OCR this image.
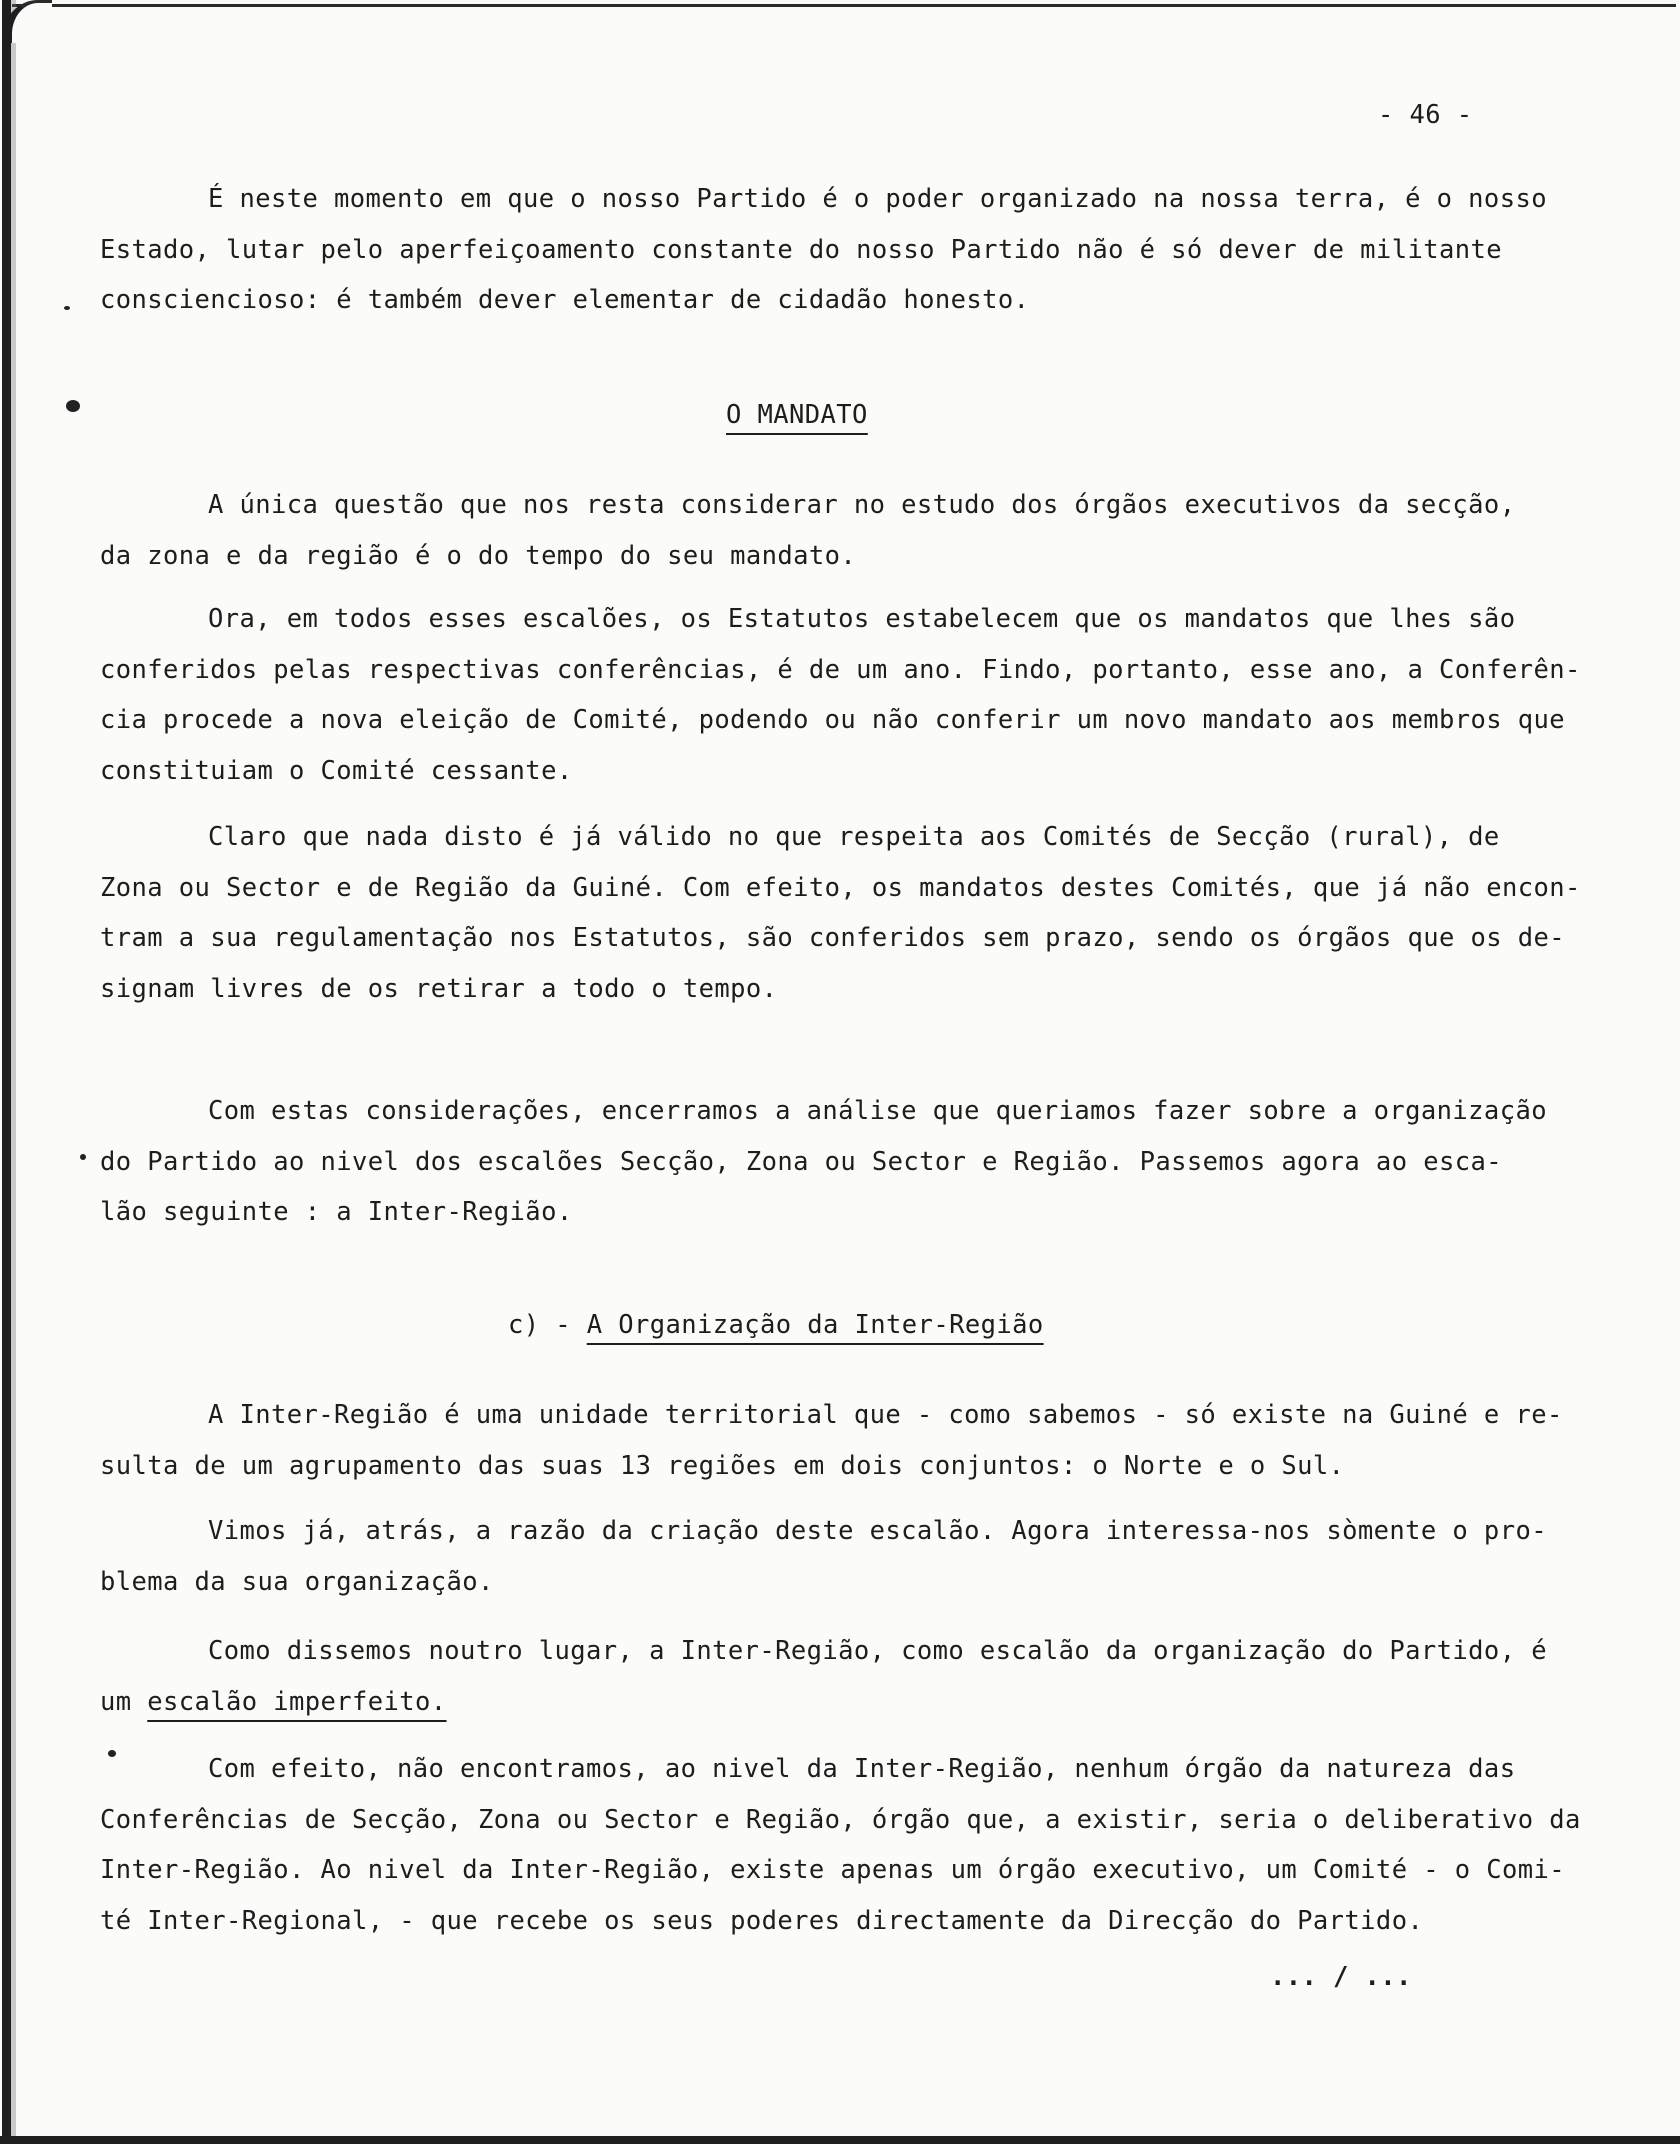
- 46 -
É neste momento em que o nosso Partido é o poder organizado na nossa terra, é o nosso
Estado, lutar pelo aperfeiçoamento constante do nosso Partido não é só dever de militante
consciencioso: é também dever elementar de cidadão honesto.
O MANDATO
A única questão que nos resta considerar no estudo dos órgãos executivos da secção,
da zona e da região é o do tempo do seu mandato.
Ora, em todos esses escalões, os Estatutos estabelecem que os mandatos que lhes são
conferidos pelas respectivas conferências, é de um ano. Findo, portanto, esse ano, a Conferên-
cia procede a nova eleição de Comité, podendo ou não conferir um novo mandato aos membros que
constituiam o Comité cessante.
Claro que nada disto é já válido no que respeita aos Comités de Secção (rural), de
Zona ou Sector e de Região da Guiné. Com efeito, os mandatos destes Comités, que já não encon-
tram a sua regulamentação nos Estatutos, são conferidos sem prazo, sendo os órgãos que os de-
signam livres de os retirar a todo o tempo.
Com estas considerações, encerramos a análise que queriamos fazer sobre a organização
do Partido ao nivel dos escalões Secção, Zona ou Sector e Região. Passemos agora ao esca-
lão seguinte : a Inter-Região.
c) - A Organização da Inter-Região
A Inter-Região é uma unidade territorial que - como sabemos - só existe na Guiné e re-
sulta de um agrupamento das suas 13 regiões em dois conjuntos: o Norte e o Sul.
Vimos já, atrás, a razão da criação deste escalão. Agora interessa-nos sòmente o pro-
blema da sua organização.
Como dissemos noutro lugar, a Inter-Região, como escalão da organização do Partido, é
um escalão imperfeito.
Com efeito, não encontramos, ao nivel da Inter-Região, nenhum órgão da natureza das
Conferências de Secção, Zona ou Sector e Região, órgão que, a existir, seria o deliberativo da
Inter-Região. Ao nivel da Inter-Região, existe apenas um órgão executivo, um Comité - o Comi-
té Inter-Regional, - que recebe os seus poderes directamente da Direcção do Partido.
... / ...
